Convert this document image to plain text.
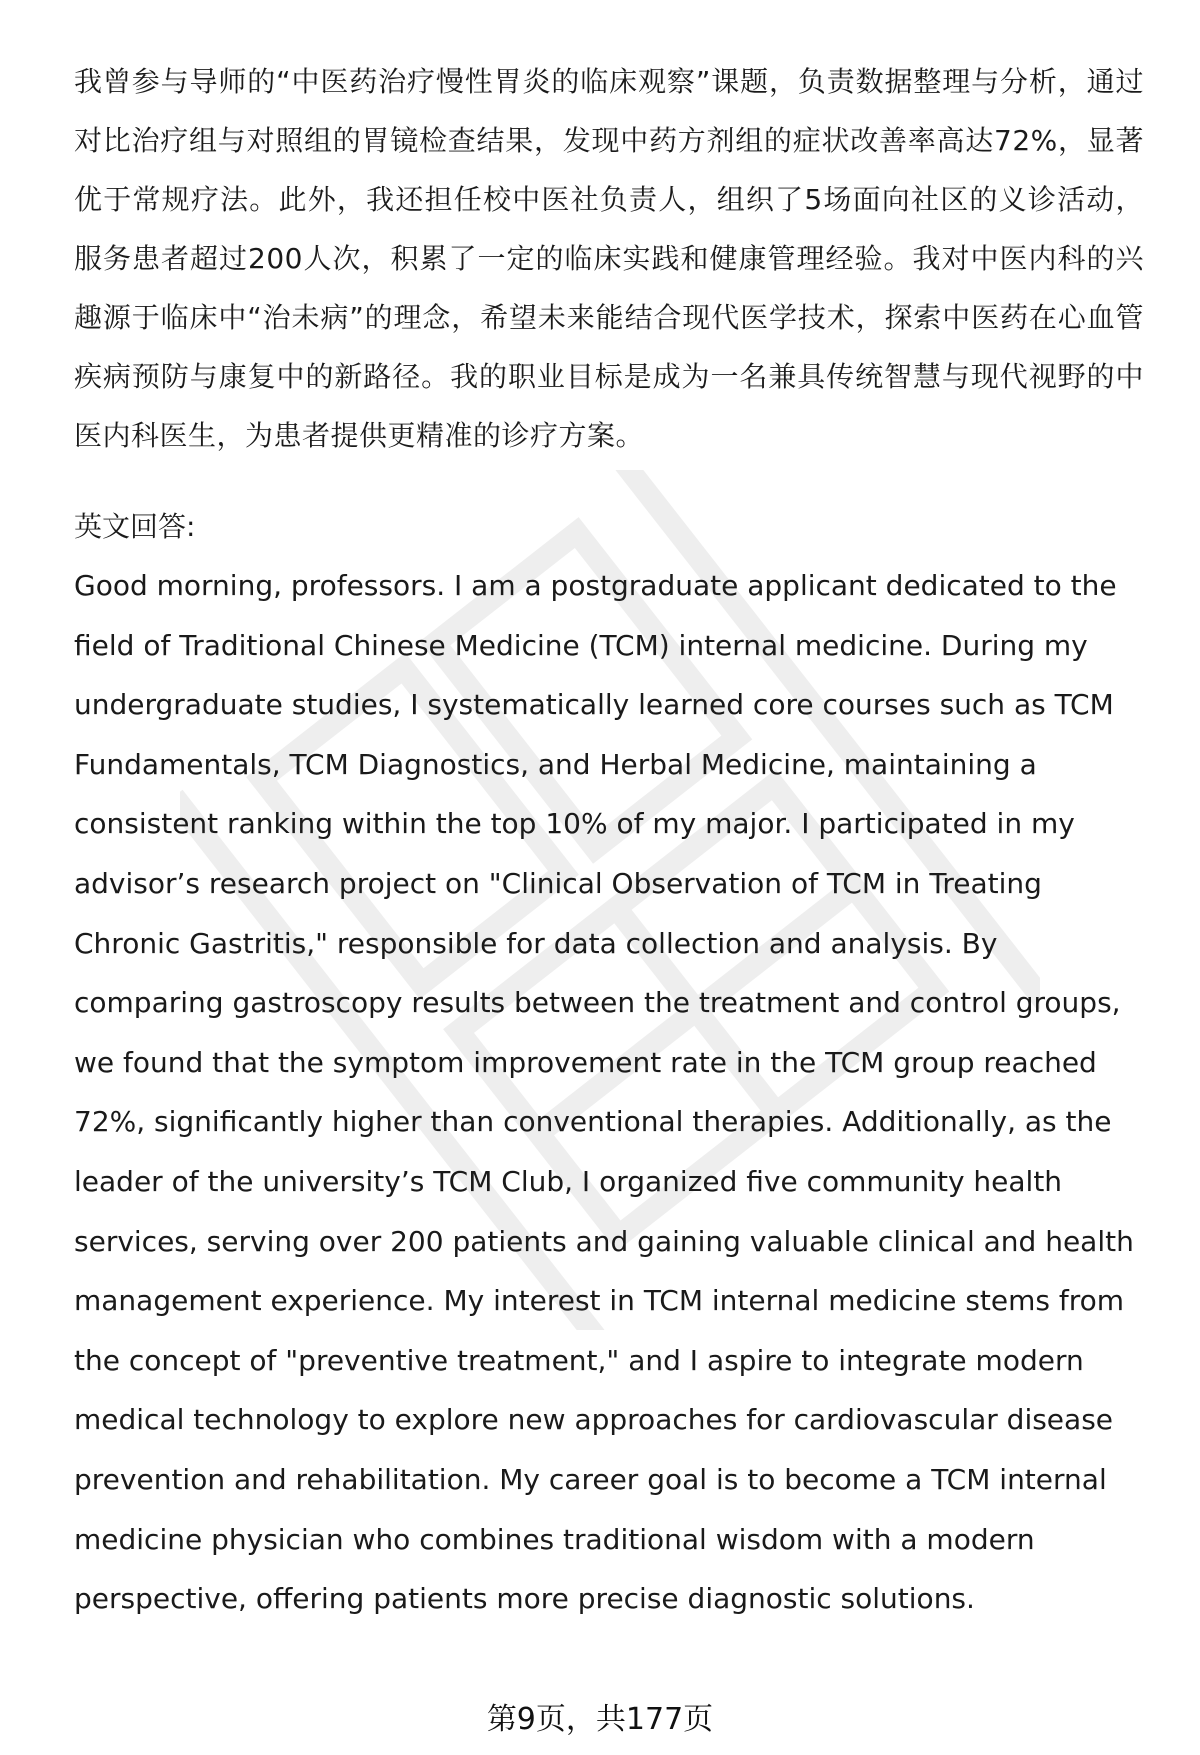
我曾参与导师的“中医药治疗慢性胃炎的临床观察”课题，负责数据整理与分析，通过对比治疗组与对照组的胃镜检查结果，发现中药方剂组的症状改善率高达72%，显著优于常规疗法。此外，我还担任校中医社负责人，组织了5场面向社区的义诊活动，服务患者超过200人次，积累了一定的临床实践和健康管理经验。我对中医内科的兴趣源于临床中“治未病”的理念，希望未来能结合现代医学技术，探索中医药在心血管疾病预防与康复中的新路径。我的职业目标是成为一名兼具传统智慧与现代视野的中医内科医生，为患者提供更精准的诊疗方案。

英文回答:

Good morning, professors. I am a postgraduate applicant dedicated to the field of Traditional Chinese Medicine (TCM) internal medicine. During my undergraduate studies, I systematically learned core courses such as TCM Fundamentals, TCM Diagnostics, and Herbal Medicine, maintaining a consistent ranking within the top 10% of my major. I participated in my advisor’s research project on "Clinical Observation of TCM in Treating Chronic Gastritis," responsible for data collection and analysis. By comparing gastroscopy results between the treatment and control groups, we found that the symptom improvement rate in the TCM group reached 72%, significantly higher than conventional therapies. Additionally, as the leader of the university’s TCM Club, I organized five community health services, serving over 200 patients and gaining valuable clinical and health management experience. My interest in TCM internal medicine stems from the concept of "preventive treatment," and I aspire to integrate modern medical technology to explore new approaches for cardiovascular disease prevention and rehabilitation. My career goal is to become a TCM internal medicine physician who combines traditional wisdom with a modern perspective, offering patients more precise diagnostic solutions.

第9页，共177页
